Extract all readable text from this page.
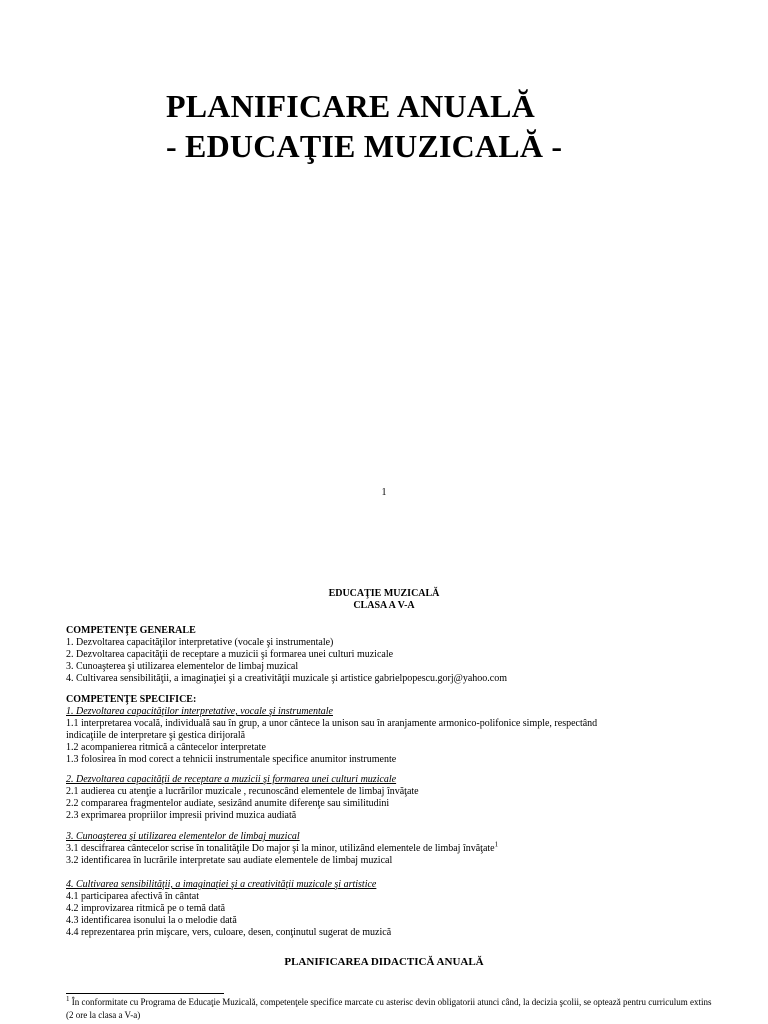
PLANIFICARE ANUALĂ
- EDUCAŢIE MUZICALĂ -
1
EDUCAŢIE MUZICALĂ
CLASA A V-A
COMPETENŢE GENERALE
1. Dezvoltarea capacităţilor interpretative (vocale şi instrumentale)
2. Dezvoltarea capacităţii de receptare a muzicii şi formarea unei culturi muzicale
3. Cunoaşterea şi utilizarea elementelor de limbaj muzical
4. Cultivarea sensibilităţii, a imaginaţiei şi a creativităţii muzicale şi artistice gabrielpopescu.gorj@yahoo.com
COMPETENŢE SPECIFICE:
1. Dezvoltarea capacităţilor interpretative, vocale şi instrumentale
1.1 interpretarea vocală, individuală sau în grup, a unor cântece la unison sau în aranjamente armonico-polifonice simple, respectând
indicaţiile de interpretare şi gestica dirijorală
1.2 acompanierea ritmică a cântecelor interpretate
1.3 folosirea în mod corect a tehnicii instrumentale specifice anumitor instrumente
2. Dezvoltarea capacităţii de receptare a muzicii şi formarea unei culturi muzicale
2.1 audierea cu atenţie a lucrărilor muzicale , recunoscând elementele de limbaj învăţate
2.2 compararea fragmentelor audiate, sesizând anumite diferenţe sau similitudini
2.3 exprimarea propriilor impresii privind muzica audiată
3. Cunoaşterea şi utilizarea elementelor de limbaj muzical
3.1 descifrarea cântecelor scrise în tonalităţile Do major şi la minor, utilizând elementele de limbaj învăţate$^1$
3.2 identificarea în lucrările interpretate sau audiate elementele de limbaj muzical
4. Cultivarea sensibilităţii, a imaginaţiei şi a creativităţii muzicale şi artistice
4.1 participarea afectivă în cântat
4.2 improvizarea ritmică pe o temă dată
4.3 identificarea isonului la o melodie dată
4.4 reprezentarea prin mişcare, vers, culoare, desen, conţinutul sugerat de muzică
PLANIFICAREA DIDACTICĂ ANUALĂ
$^1$ În conformitate cu Programa de Educaţie Muzicală, competenţele specifice marcate cu asterisc devin obligatorii atunci când, la decizia şcolii, se optează pentru curriculum extins (2 ore la clasa a V-a)
